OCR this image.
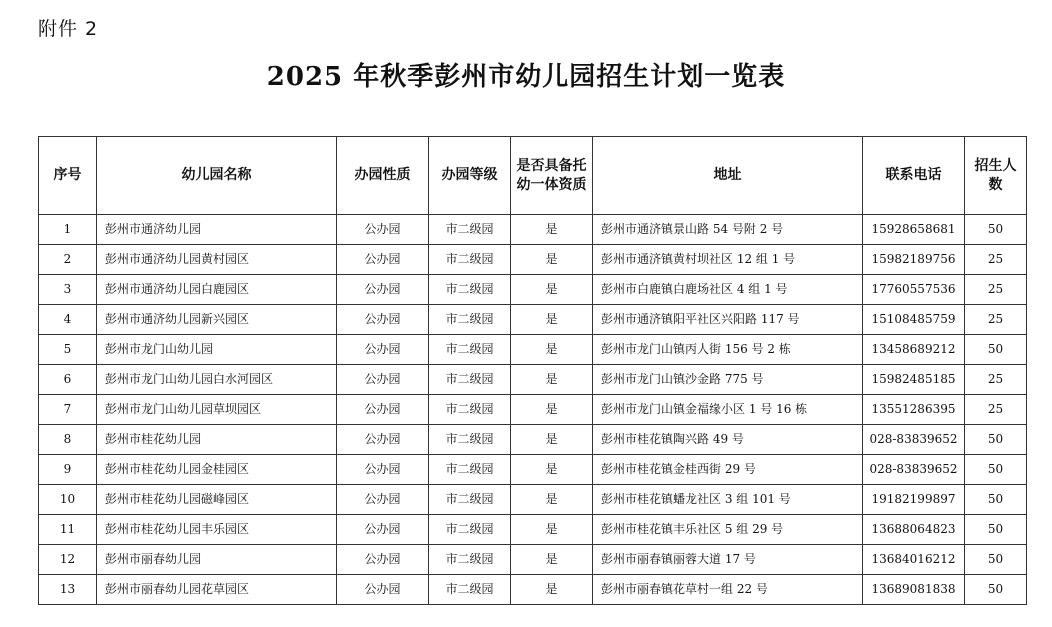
附件 2
2025 年秋季彭州市幼儿园招生计划一览表
序号	幼儿园名称	办园性质	办园等级	是否具备托幼一体资质	地址	联系电话	招生人数
1	彭州市通济幼儿园	公办园	市二级园	是	彭州市通济镇景山路 54 号附 2 号	15928658681	50
2	彭州市通济幼儿园黄村园区	公办园	市二级园	是	彭州市通济镇黄村坝社区 12 组 1 号	15982189756	25
3	彭州市通济幼儿园白鹿园区	公办园	市二级园	是	彭州市白鹿镇白鹿场社区 4 组 1 号	17760557536	25
4	彭州市通济幼儿园新兴园区	公办园	市二级园	是	彭州市通济镇阳平社区兴阳路 117 号	15108485759	25
5	彭州市龙门山幼儿园	公办园	市二级园	是	彭州市龙门山镇丙人街 156 号 2 栋	13458689212	50
6	彭州市龙门山幼儿园白水河园区	公办园	市二级园	是	彭州市龙门山镇沙金路 775 号	15982485185	25
7	彭州市龙门山幼儿园草坝园区	公办园	市二级园	是	彭州市龙门山镇金福缘小区 1 号 16 栋	13551286395	25
8	彭州市桂花幼儿园	公办园	市二级园	是	彭州市桂花镇陶兴路 49 号	028-83839652	50
9	彭州市桂花幼儿园金桂园区	公办园	市二级园	是	彭州市桂花镇金桂西街 29 号	028-83839652	50
10	彭州市桂花幼儿园磁峰园区	公办园	市二级园	是	彭州市桂花镇蟠龙社区 3 组 101 号	19182199897	50
11	彭州市桂花幼儿园丰乐园区	公办园	市二级园	是	彭州市桂花镇丰乐社区 5 组 29 号	13688064823	50
12	彭州市丽春幼儿园	公办园	市二级园	是	彭州市丽春镇丽蓉大道 17 号	13684016212	50
13	彭州市丽春幼儿园花草园区	公办园	市二级园	是	彭州市丽春镇花草村一组 22 号	13689081838	50
